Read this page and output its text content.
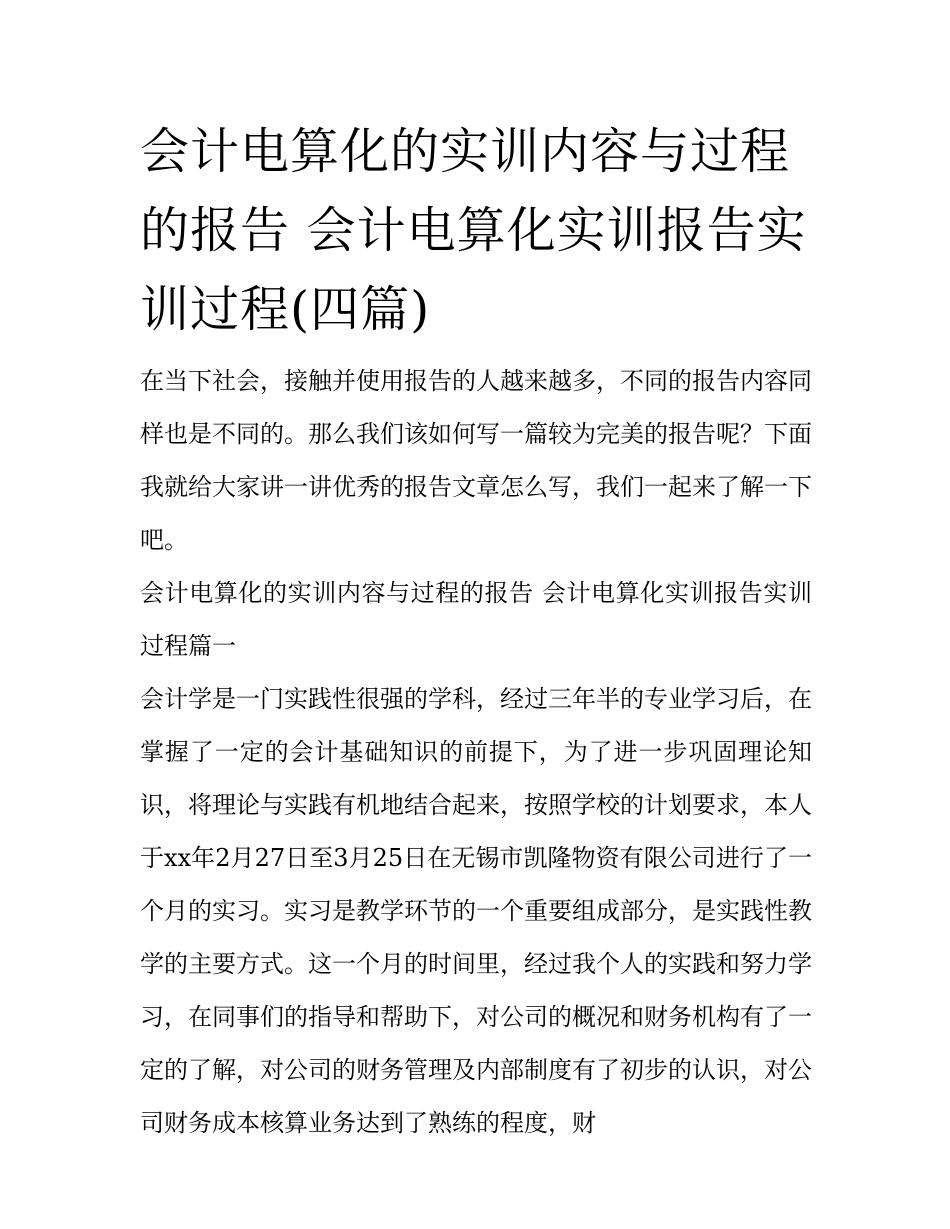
会计电算化的实训内容与过程的报告 会计电算化实训报告实训过程(四篇)

在当下社会，接触并使用报告的人越来越多，不同的报告内容同样也是不同的。那么我们该如何写一篇较为完美的报告呢？下面我就给大家讲一讲优秀的报告文章怎么写，我们一起来了解一下吧。

会计电算化的实训内容与过程的报告 会计电算化实训报告实训过程篇一

会计学是一门实践性很强的学科，经过三年半的专业学习后，在掌握了一定的会计基础知识的前提下，为了进一步巩固理论知识，将理论与实践有机地结合起来，按照学校的计划要求，本人于xx年2月27日至3月25日在无锡市凯隆物资有限公司进行了一个月的实习。实习是教学环节的一个重要组成部分，是实践性教学的主要方式。这一个月的时间里，经过我个人的实践和努力学习，在同事们的指导和帮助下，对公司的概况和财务机构有了一定的了解，对公司的财务管理及内部制度有了初步的认识，对公司财务成本核算业务达到了熟练的程度，财
